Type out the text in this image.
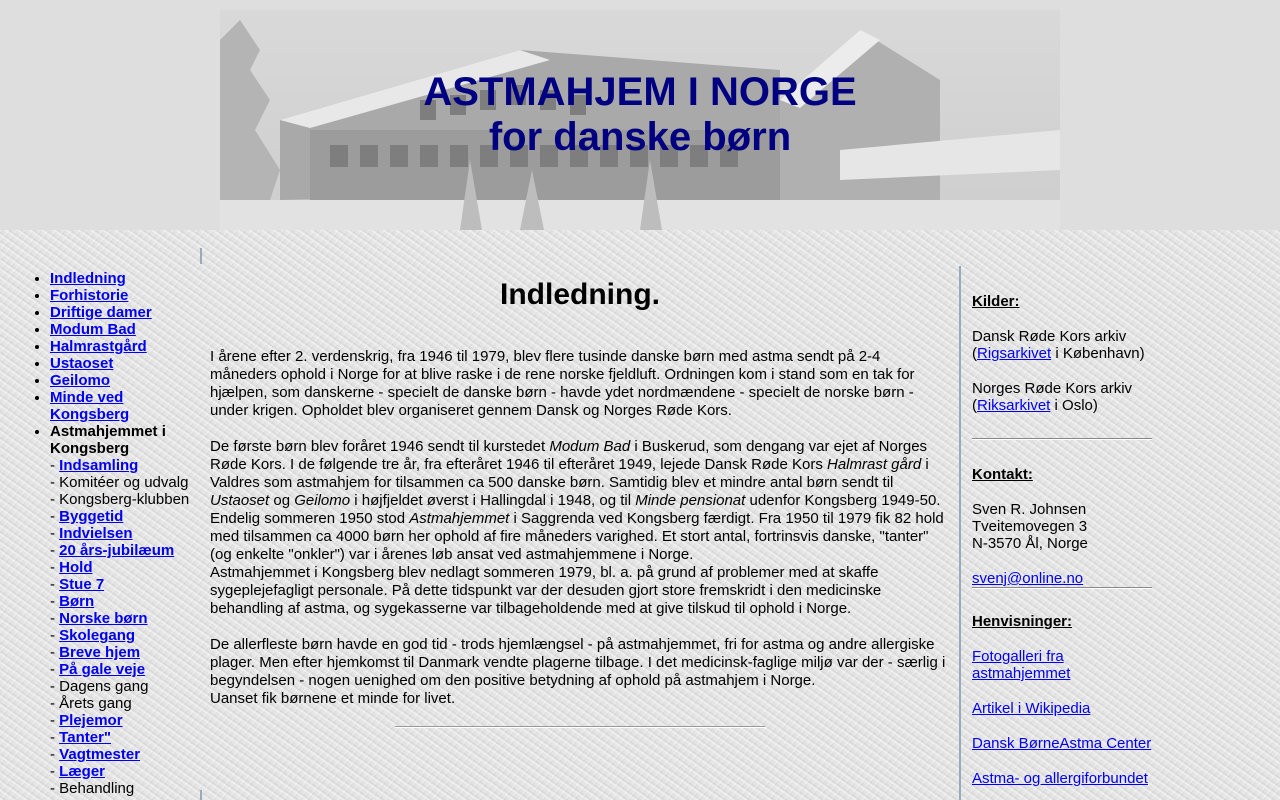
ASTMAHJEM I NORGE
for danske børn
• Indledning
• Forhistorie
• Driftige damer
• Modum Bad
• Halmrastgård
• Ustaoset
• Geilomo
• Minde ved Kongsberg
• Astmahjemmet i Kongsberg
- Indsamling
- Komitéer og udvalg
- Kongsberg-klubben
- Byggetid
- Indvielsen
- 20 års-jubilæum
- Hold
- Stue 7
- Børn
- Norske børn
- Skolegang
- Breve hjem
- På gale veje
- Dagens gang
- Årets gang
- Plejemor
- Tanter"
- Vagtmester
- Læger
- Behandling
Indledning.

I årene efter 2. verdenskrig, fra 1946 til 1979, blev flere tusinde danske børn med astma sendt på 2-4 måneders ophold i Norge for at blive raske i de rene norske fjeldluft. Ordningen kom i stand som en tak for hjælpen, som danskerne - specielt de danske børn - havde ydet nordmændene - specielt de norske børn - under krigen. Opholdet blev organiseret gennem Dansk og Norges Røde Kors.

De første børn blev foråret 1946 sendt til kurstedet Modum Bad i Buskerud, som dengang var ejet af Norges Røde Kors. I de følgende tre år, fra efteråret 1946 til efteråret 1949, lejede Dansk Røde Kors Halmrast gård i Valdres som astmahjem for tilsammen ca 500 danske børn. Samtidig blev et mindre antal børn sendt til Ustaoset og Geilomo i højfjeldet øverst i Hallingdal i 1948, og til Minde pensionat udenfor Kongsberg 1949-50.

Endelig sommeren 1950 stod Astmahjemmet i Saggrenda ved Kongsberg færdigt. Fra 1950 til 1979 fik 82 hold med tilsammen ca 4000 børn her ophold af fire måneders varighed. Et stort antal, fortrinsvis danske, "tanter" (og enkelte "onkler") var i årenes løb ansat ved astmahjemmene i Norge.

Astmahjemmet i Kongsberg blev nedlagt sommeren 1979, bl. a. på grund af problemer med at skaffe sygeplejefagligt personale. På dette tidspunkt var der desuden gjort store fremskridt i den medicinske behandling af astma, og sygekasserne var tilbageholdende med at give tilskud til ophold i Norge.

De allerfleste børn havde en god tid - trods hjemlængsel - på astmahjemmet, fri for astma og andre allergiske plager. Men efter hjemkomst til Danmark vendte plagerne tilbage. I det medicinsk-faglige miljø var der - særlig i begyndelsen - nogen uenighed om den positive betydning af ophold på astmahjem i Norge.

Uanset fik børnene et minde for livet.

Kilder:

Dansk Røde Kors arkiv
(Rigsarkivet i København)

Norges Røde Kors arkiv
(Riksarkivet i Oslo)

Kontakt:

Sven R. Johnsen

Tveitemovegen 3

N-3570 Ål, Norge

svenj@online.no

Henvisninger:

Fotogalleri fra astmahjemmet

Artikel i Wikipedia

Dansk BørneAstma Center

Astma- og allergiforbundet
